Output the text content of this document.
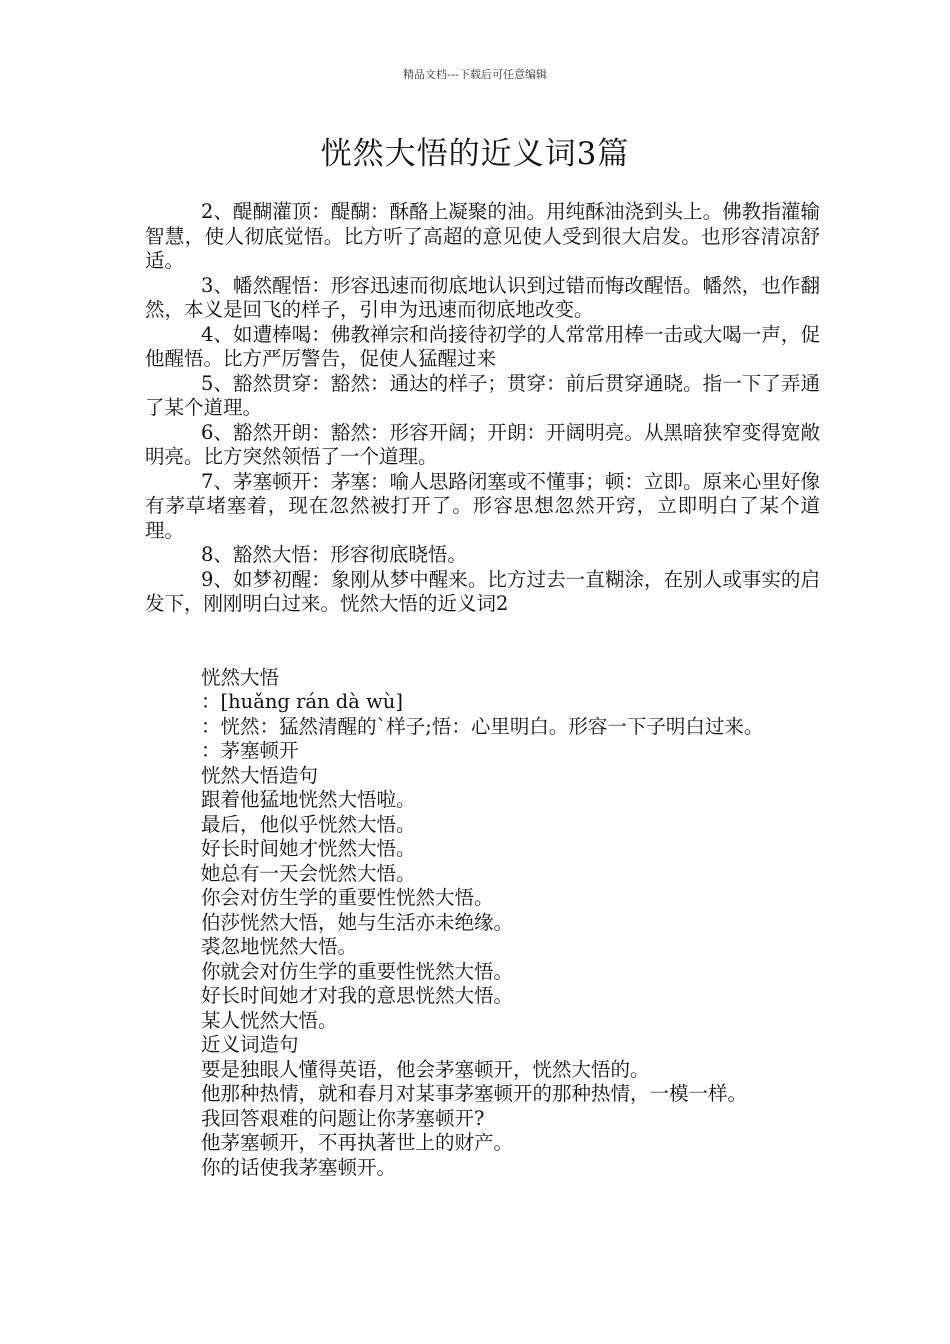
精品文档---下载后可任意编辑
恍然大悟的近义词3篇

2、醍醐灌顶：醍醐：酥酪上凝聚的油。用纯酥油浇到头上。佛教指灌输智慧，使人彻底觉悟。比方听了高超的意见使人受到很大启发。也形容清凉舒适。

3、幡然醒悟：形容迅速而彻底地认识到过错而悔改醒悟。幡然，也作翻然，本义是回飞的样子，引申为迅速而彻底地改变。

4、如遭棒喝：佛教禅宗和尚接待初学的人常常用棒一击或大喝一声，促他醒悟。比方严厉警告，促使人猛醒过来

5、豁然贯穿：豁然：通达的样子；贯穿：前后贯穿通晓。指一下了弄通了某个道理。

6、豁然开朗：豁然：形容开阔；开朗：开阔明亮。从黑暗狭窄变得宽敞明亮。比方突然领悟了一个道理。

7、茅塞顿开：茅塞：喻人思路闭塞或不懂事；顿：立即。原来心里好像有茅草堵塞着，现在忽然被打开了。形容思想忽然开窍，立即明白了某个道理。

8、豁然大悟：形容彻底晓悟。

9、如梦初醒：象刚从梦中醒来。比方过去一直糊涂，在别人或事实的启发下，刚刚明白过来。恍然大悟的近义词2

恍然大悟

：[huǎng rán dà wù]

：恍然：猛然清醒的`样子;悟：心里明白。形容一下子明白过来。

：茅塞顿开

恍然大悟造句

跟着他猛地恍然大悟啦。

最后，他似乎恍然大悟。

好长时间她才恍然大悟。

她总有一天会恍然大悟。

你会对仿生学的重要性恍然大悟。

伯莎恍然大悟，她与生活亦未绝缘。

裘忽地恍然大悟。

你就会对仿生学的重要性恍然大悟。

好长时间她才对我的意思恍然大悟。

某人恍然大悟。

近义词造句

要是独眼人懂得英语，他会茅塞顿开，恍然大悟的。

他那种热情，就和春月对某事茅塞顿开的那种热情，一模一样。

我回答艰难的问题让你茅塞顿开?

他茅塞顿开，不再执著世上的财产。

你的话使我茅塞顿开。
